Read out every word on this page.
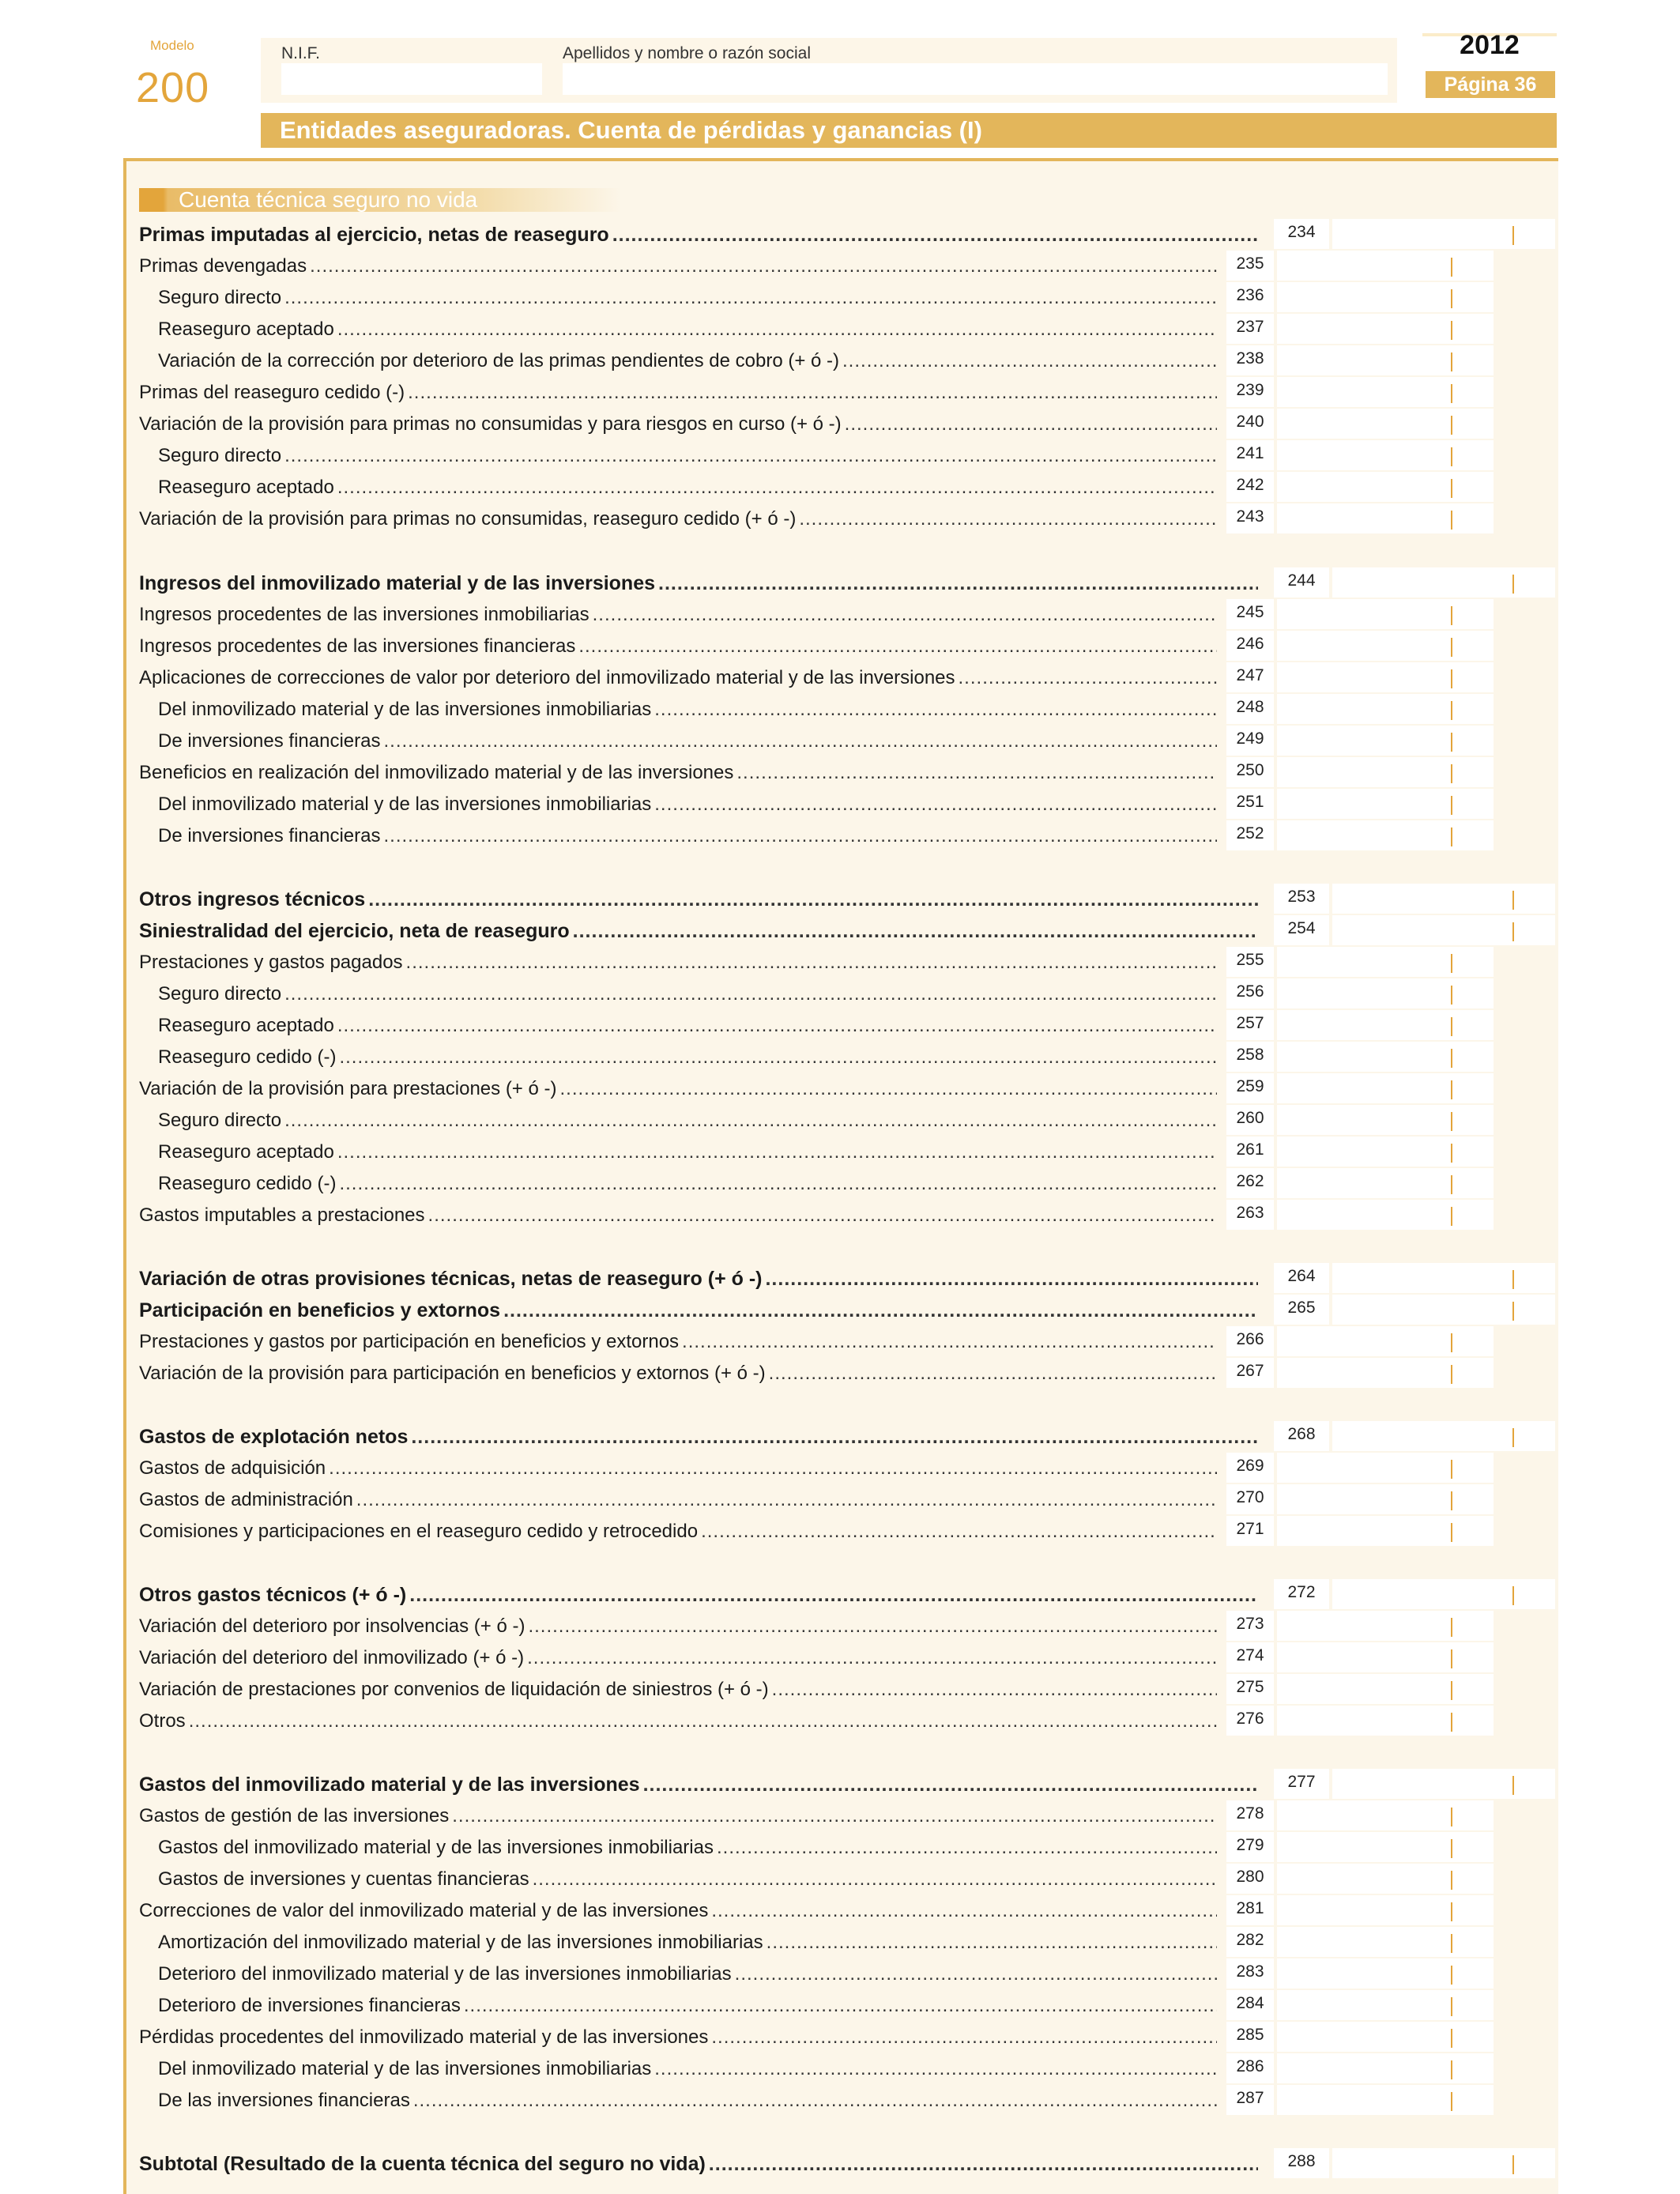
Modelo
200
N.I.F.	Apellidos y nombre o razón social	2012
Página 36
Entidades aseguradoras. Cuenta de pérdidas y ganancias (I)
Cuenta técnica seguro no vida
Primas imputadas al ejercicio, netas de reaseguro .....	234
Primas devengadas .....	235
Seguro directo .....	236
Reaseguro aceptado .....	237
Variación de la corrección por deterioro de las primas pendientes de cobro (+ ó -) .....	238
Primas del reaseguro cedido (-) .....	239
Variación de la provisión para primas no consumidas y para riesgos en curso (+ ó -) .....	240
Seguro directo .....	241
Reaseguro aceptado .....	242
Variación de la provisión para primas no consumidas, reaseguro cedido (+ ó -) .....	243
Ingresos del inmovilizado material y de las inversiones .....	244
Ingresos procedentes de las inversiones inmobiliarias .....	245
Ingresos procedentes de las inversiones financieras .....	246
Aplicaciones de correcciones de valor por deterioro del inmovilizado material y de las inversiones .....	247
Del inmovilizado material y de las inversiones inmobiliarias .....	248
De inversiones financieras .....	249
Beneficios en realización del inmovilizado material y de las inversiones .....	250
Del inmovilizado material y de las inversiones inmobiliarias .....	251
De inversiones financieras .....	252
Otros ingresos técnicos .....	253
Siniestralidad del ejercicio, neta de reaseguro .....	254
Prestaciones y gastos pagados .....	255
Seguro directo .....	256
Reaseguro aceptado .....	257
Reaseguro cedido (-) .....	258
Variación de la provisión para prestaciones (+ ó -) .....	259
Seguro directo .....	260
Reaseguro aceptado .....	261
Reaseguro cedido (-) .....	262
Gastos imputables a prestaciones .....	263
Variación de otras provisiones técnicas, netas de reaseguro (+ ó -) .....	264
Participación en beneficios y extornos .....	265
Prestaciones y gastos por participación en beneficios y extornos .....	266
Variación de la provisión para participación en beneficios y extornos (+ ó -) .....	267
Gastos de explotación netos .....	268
Gastos de adquisición .....	269
Gastos de administración .....	270
Comisiones y participaciones en el reaseguro cedido y retrocedido .....	271
Otros gastos técnicos (+ ó -) .....	272
Variación del deterioro por insolvencias (+ ó -) .....	273
Variación del deterioro del inmovilizado (+ ó -) .....	274
Variación de prestaciones por convenios de liquidación de siniestros (+ ó -) .....	275
Otros .....	276
Gastos del inmovilizado material y de las inversiones .....	277
Gastos de gestión de las inversiones .....	278
Gastos del inmovilizado material y de las inversiones inmobiliarias .....	279
Gastos de inversiones y cuentas financieras .....	280
Correcciones de valor del inmovilizado material y de las inversiones .....	281
Amortización del inmovilizado material y de las inversiones inmobiliarias .....	282
Deterioro del inmovilizado material y de las inversiones inmobiliarias .....	283
Deterioro de inversiones financieras .....	284
Pérdidas procedentes del inmovilizado material y de las inversiones .....	285
Del inmovilizado material y de las inversiones inmobiliarias .....	286
De las inversiones financieras .....	287
Subtotal (Resultado de la cuenta técnica del seguro no vida) .....	288
